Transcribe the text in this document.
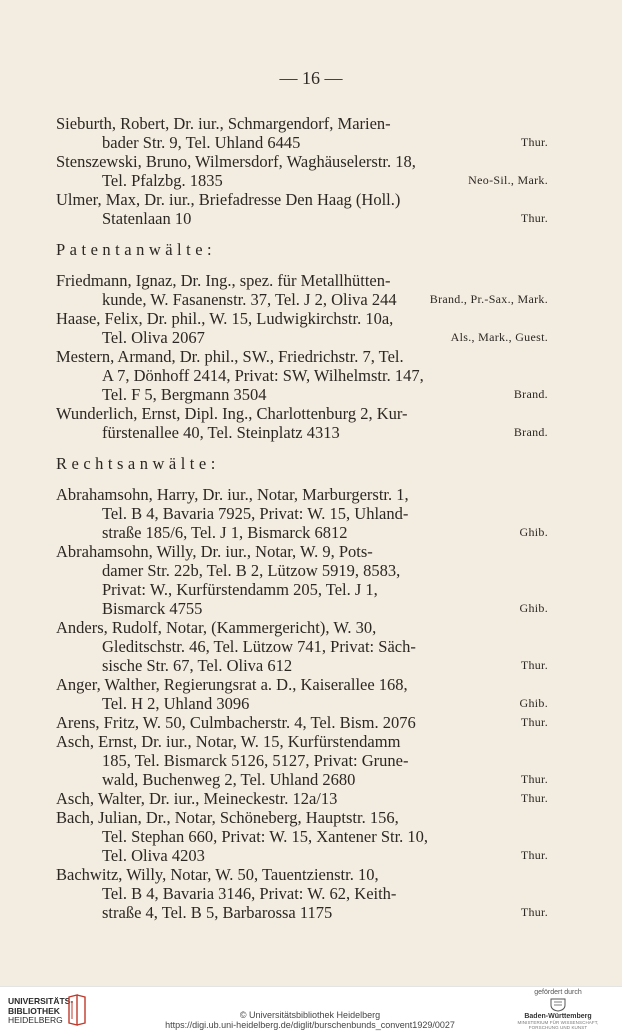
— 16 —
Sieburth, Robert, Dr. iur., Schmargendorf, Marien-
bader Str. 9, Tel. Uhland 6445	Thur.
Stenszewski, Bruno, Wilmersdorf, Waghäuselerstr. 18,
Tel. Pfalzbg. 1835	Neo-Sil., Mark.
Ulmer, Max, Dr. iur., Briefadresse Den Haag (Holl.)
Statenlaan 10	Thur.
Patentanwälte:
Friedmann, Ignaz, Dr. Ing., spez. für Metallhütten-
kunde, W. Fasanenstr. 37, Tel. J 2, Oliva 244	Brand., Pr.-Sax., Mark.
Haase, Felix, Dr. phil., W. 15, Ludwigkirchstr. 10a,
Tel. Oliva 2067	Als., Mark., Guest.
Mestern, Armand, Dr. phil., SW., Friedrichstr. 7, Tel.
A 7, Dönhoff 2414, Privat: SW, Wilhelmstr. 147,
Tel. F 5, Bergmann 3504	Brand.
Wunderlich, Ernst, Dipl. Ing., Charlottenburg 2, Kur-
fürstenallee 40, Tel. Steinplatz 4313	Brand.
Rechtsanwälte:
Abrahamsohn, Harry, Dr. iur., Notar, Marburgerstr. 1,
Tel. B 4, Bavaria 7925, Privat: W. 15, Uhland-
straße 185/6, Tel. J 1, Bismarck 6812	Ghib.
Abrahamsohn, Willy, Dr. iur., Notar, W. 9, Pots-
damer Str. 22b, Tel. B 2, Lützow 5919, 8583,
Privat: W., Kurfürstendamm 205, Tel. J 1,
Bismarck 4755	Ghib.
Anders, Rudolf, Notar, (Kammergericht), W. 30,
Gleditschstr. 46, Tel. Lützow 741, Privat: Säch-
sische Str. 67, Tel. Oliva 612	Thur.
Anger, Walther, Regierungsrat a. D., Kaiserallee 168,
Tel. H 2, Uhland 3096	Ghib.
Arens, Fritz, W. 50, Culmbacherstr. 4, Tel. Bism. 2076	Thur.
Asch, Ernst, Dr. iur., Notar, W. 15, Kurfürstendamm
185, Tel. Bismarck 5126, 5127, Privat: Grune-
wald, Buchenweg 2, Tel. Uhland 2680	Thur.
Asch, Walter, Dr. iur., Meineckestr. 12a/13	Thur.
Bach, Julian, Dr., Notar, Schöneberg, Hauptstr. 156,
Tel. Stephan 660, Privat: W. 15, Xantener Str. 10,
Tel. Oliva 4203	Thur.
Bachwitz, Willy, Notar, W. 50, Tauentzienstr. 10,
Tel. B 4, Bavaria 3146, Privat: W. 62, Keith-
straße 4, Tel. B 5, Barbarossa 1175	Thur.
UNIVERSITÄTS-
BIBLIOTHEK
HEIDELBERG	© Universitätsbibliothek Heidelberg
https://digi.ub.uni-heidelberg.de/diglit/burschenbunds_convent1929/0027
gefördert durch
Baden-Württemberg
MINISTERIUM FÜR WISSENSCHAFT, FORSCHUNG UND KUNST
